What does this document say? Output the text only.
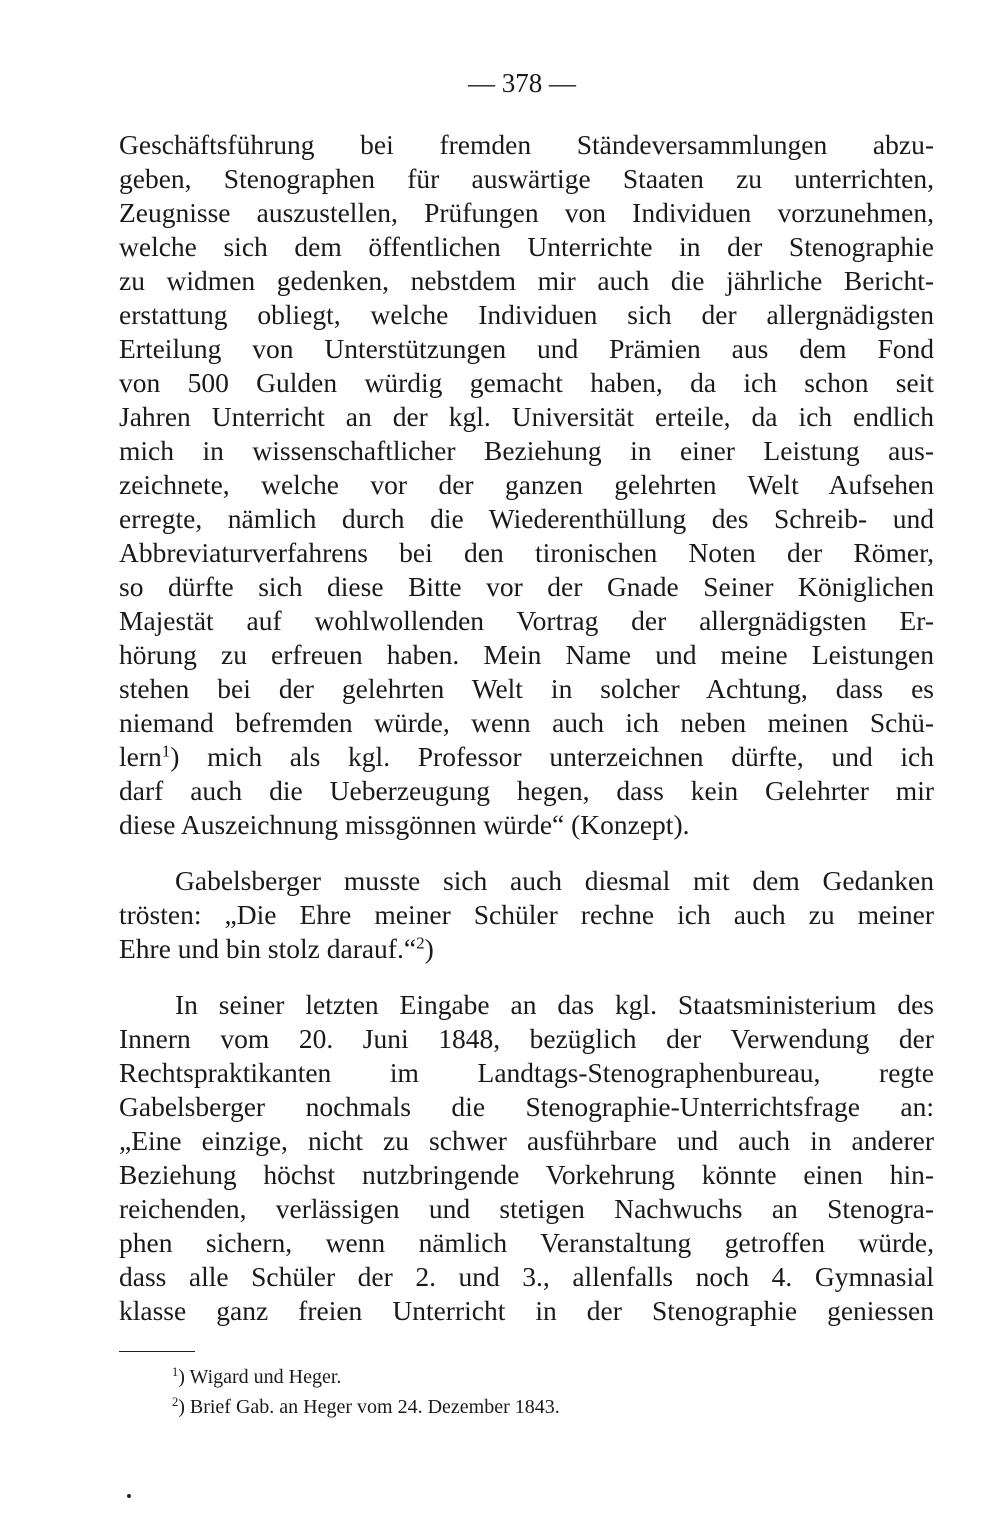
— 378 —
Geschäftsführung bei fremden Ständeversammlungen abzu-
geben, Stenographen für auswärtige Staaten zu unterrichten,
Zeugnisse auszustellen, Prüfungen von Individuen vorzunehmen,
welche sich dem öffentlichen Unterrichte in der Stenographie
zu widmen gedenken, nebstdem mir auch die jährliche Bericht-
erstattung obliegt, welche Individuen sich der allergnädigsten
Erteilung von Unterstützungen und Prämien aus dem Fond
von 500 Gulden würdig gemacht haben, da ich schon seit
Jahren Unterricht an der kgl. Universität erteile, da ich endlich
mich in wissenschaftlicher Beziehung in einer Leistung aus-
zeichnete, welche vor der ganzen gelehrten Welt Aufsehen
erregte, nämlich durch die Wiederenthüllung des Schreib- und
Abbreviaturverfahrens bei den tironischen Noten der Römer,
so dürfte sich diese Bitte vor der Gnade Seiner Königlichen
Majestät auf wohlwollenden Vortrag der allergnädigsten Er-
hörung zu erfreuen haben. Mein Name und meine Leistungen
stehen bei der gelehrten Welt in solcher Achtung, dass es
niemand befremden würde, wenn auch ich neben meinen Schü-
lern$^1$) mich als kgl. Professor unterzeichnen dürfte, und ich
darf auch die Ueberzeugung hegen, dass kein Gelehrter mir
diese Auszeichnung missgönnen würde“ (Konzept).
Gabelsberger musste sich auch diesmal mit dem Gedanken
trösten: „Die Ehre meiner Schüler rechne ich auch zu meiner
Ehre und bin stolz darauf.“$^2$)
In seiner letzten Eingabe an das kgl. Staatsministerium des
Innern vom 20. Juni 1848, bezüglich der Verwendung der
Rechtspraktikanten im Landtags-Stenographenbureau, regte
Gabelsberger nochmals die Stenographie-Unterrichtsfrage an:
„Eine einzige, nicht zu schwer ausführbare und auch in anderer
Beziehung höchst nutzbringende Vorkehrung könnte einen hin-
reichenden, verlässigen und stetigen Nachwuchs an Stenogra-
phen sichern, wenn nämlich Veranstaltung getroffen würde,
dass alle Schüler der 2. und 3., allenfalls noch 4. Gymnasial
klasse ganz freien Unterricht in der Stenographie geniessen
$^1$) Wigard und Heger.
$^2$) Brief Gab. an Heger vom 24. Dezember 1843.
